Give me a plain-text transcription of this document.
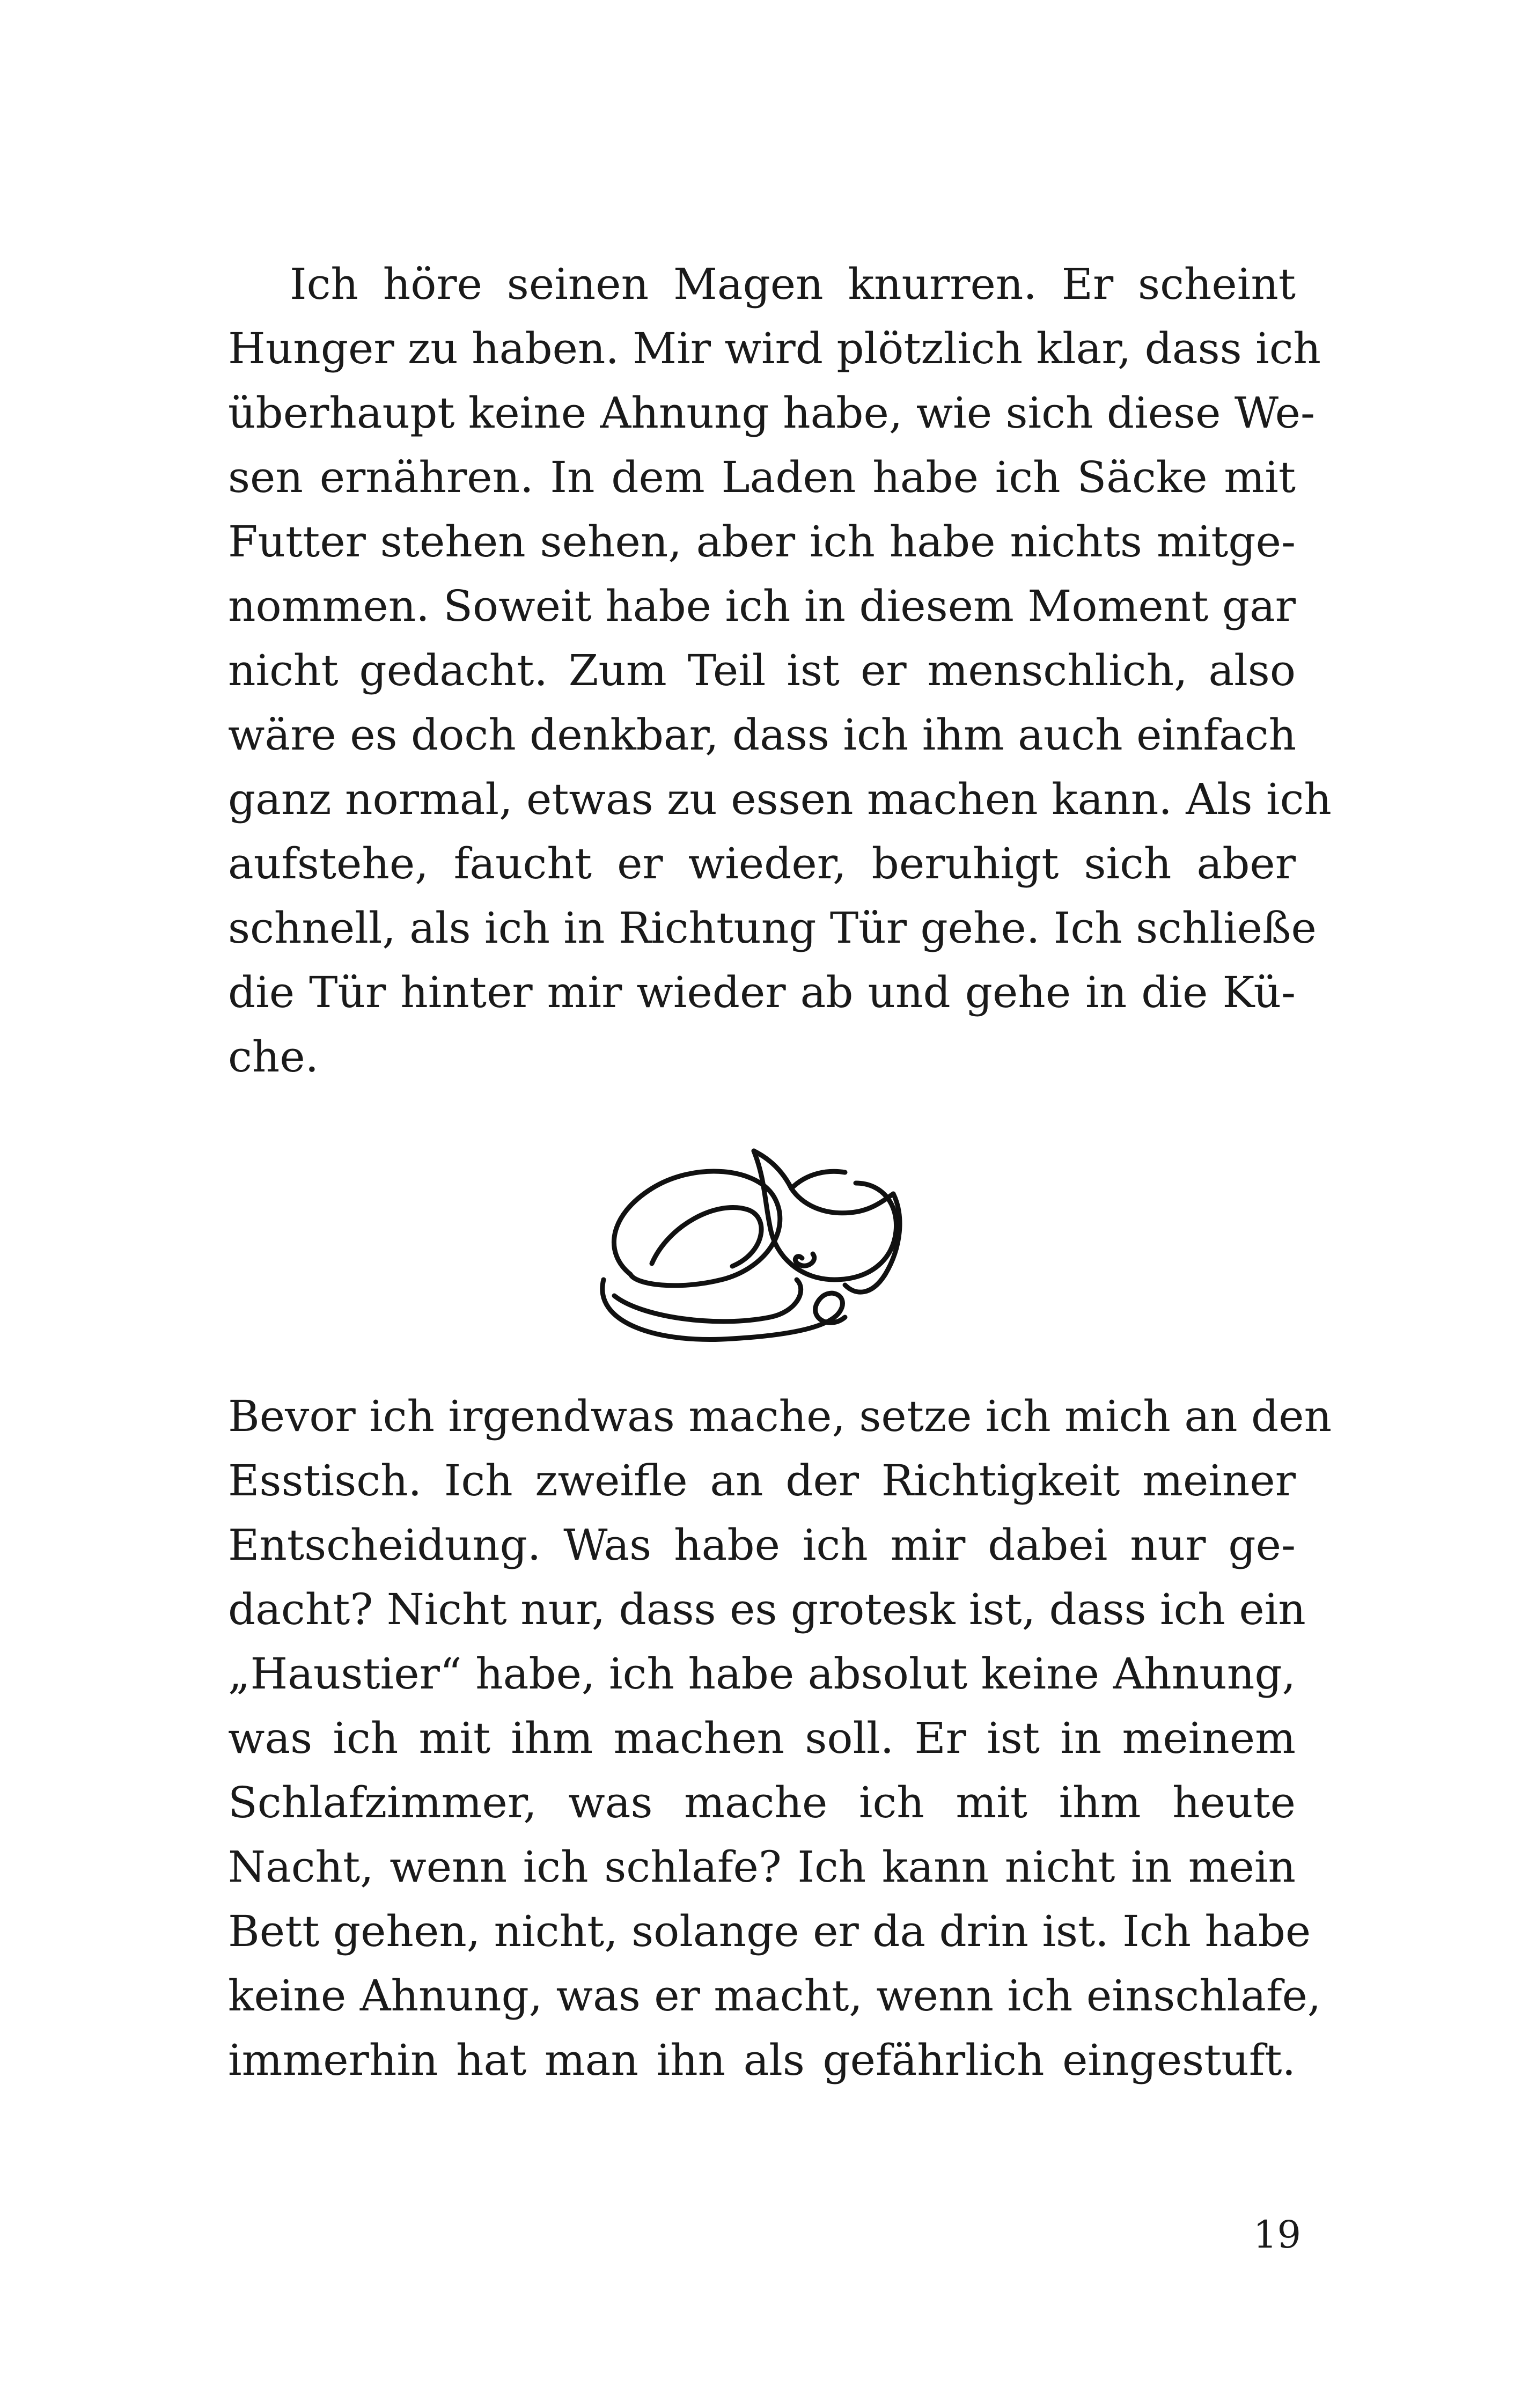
Ich höre seinen Magen knurren. Er scheint
Hunger zu haben. Mir wird plötzlich klar, dass ich
überhaupt keine Ahnung habe, wie sich diese We-
sen ernähren. In dem Laden habe ich Säcke mit
Futter stehen sehen, aber ich habe nichts mitge-
nommen. Soweit habe ich in diesem Moment gar
nicht gedacht. Zum Teil ist er menschlich, also
wäre es doch denkbar, dass ich ihm auch einfach
ganz normal, etwas zu essen machen kann. Als ich
aufstehe, faucht er wieder, beruhigt sich aber
schnell, als ich in Richtung Tür gehe. Ich schließe
die Tür hinter mir wieder ab und gehe in die Kü-
che.
Bevor ich irgendwas mache, setze ich mich an den
Esstisch. Ich zweifle an der Richtigkeit meiner
Entscheidung. Was habe ich mir dabei nur ge-
dacht? Nicht nur, dass es grotesk ist, dass ich ein
„Haustier“ habe, ich habe absolut keine Ahnung,
was ich mit ihm machen soll. Er ist in meinem
Schlafzimmer, was mache ich mit ihm heute
Nacht, wenn ich schlafe? Ich kann nicht in mein
Bett gehen, nicht, solange er da drin ist. Ich habe
keine Ahnung, was er macht, wenn ich einschlafe,
immerhin hat man ihn als gefährlich eingestuft.
19
